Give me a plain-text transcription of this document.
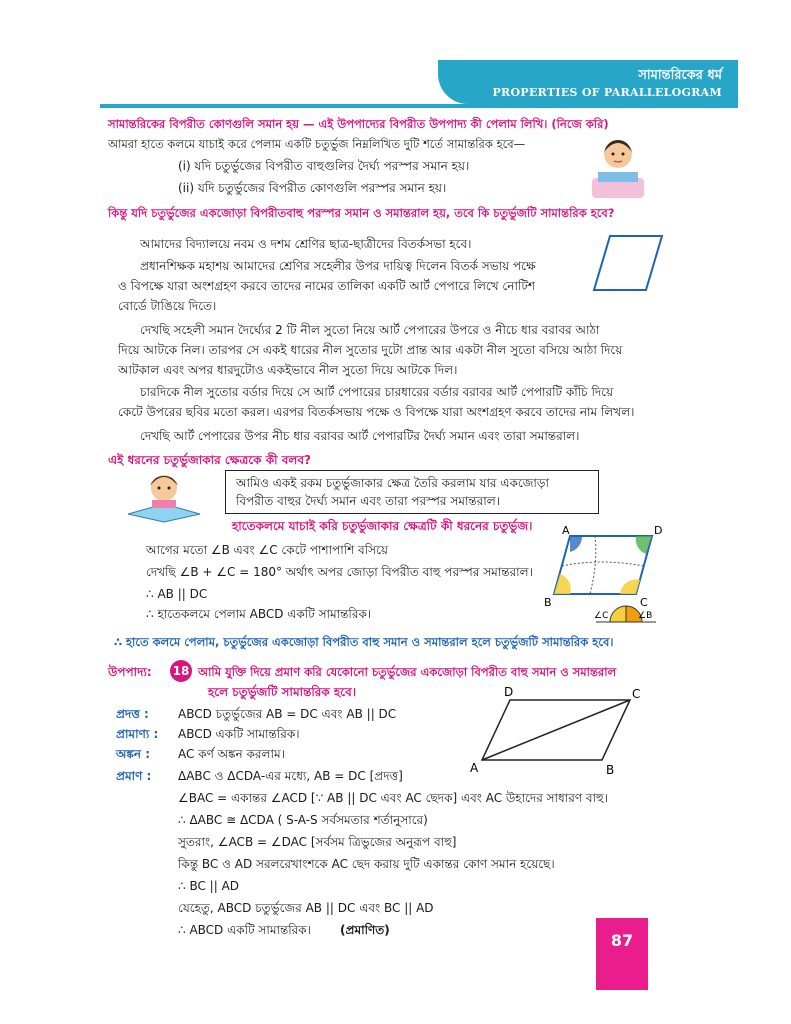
সামান্তরিকের ধর্ম
PROPERTIES OF PARALLELOGRAM
সামান্তরিকের বিপরীত কোণগুলি সমান হয় — এই উপপাদ্যের বিপরীত উপপাদ্য কী পেলাম লিখি। (নিজে করি)
আমরা হাতে কলমে যাচাই করে পেলাম একটি চতুর্ভুজ নিম্নলিখিত দুটি শর্তে সামান্তরিক হবে—
(i) যদি চতুর্ভুজের বিপরীত বাহুগুলির দৈর্ঘ্য পরস্পর সমান হয়।
(ii) যদি চতুর্ভুজের বিপরীত কোণগুলি পরস্পর সমান হয়।
কিন্তু যদি চতুর্ভুজের একজোড়া বিপরীতবাহু পরস্পর সমান ও সমান্তরাল হয়, তবে কি চতুর্ভুজটি সামান্তরিক হবে?
আমাদের বিদ্যালয়ে নবম ও দশম শ্রেণির ছাত্র-ছাত্রীদের বিতর্কসভা হবে।
প্রধানশিক্ষক মহাশয় আমাদের শ্রেণির সহেলীর উপর দায়িত্ব দিলেন বিতর্ক সভায় পক্ষে
ও বিপক্ষে যারা অংশগ্রহণ করবে তাদের নামের তালিকা একটি আর্ট পেপারে লিখে নোটিশ
বোর্ডে টাঙিয়ে দিতে।
দেখছি সহেলী সমান দৈর্ঘ্যের 2 টি নীল সুতো নিয়ে আর্ট পেপারের উপরে ও নীচে ধার বরাবর আঠা
দিয়ে আটকে নিল। তারপর সে একই ধারের নীল সুতোর দুটো প্রান্ত আর একটা নীল সুতো বসিয়ে আঠা দিয়ে
আটকাল এবং অপর ধারদুটোও একইভাবে নীল সুতো দিয়ে আটকে দিল।
চারদিকে নীল সুতোর বর্ডার দিয়ে সে আর্ট পেপারের চারধারের বর্ডার বরাবর আর্ট পেপারটি কাঁচি দিয়ে
কেটে উপরের ছবির মতো করল। এরপর বিতর্কসভায় পক্ষে ও বিপক্ষে যারা অংশগ্রহণ করবে তাদের নাম লিখল।
দেখছি আর্ট পেপারের উপর নীচ ধার বরাবর আর্ট পেপারটির দৈর্ঘ্য সমান এবং তারা সমান্তরাল।
এই ধরনের চতুর্ভুজাকার ক্ষেত্রকে কী বলব?
আমিও একই রকম চতুর্ভুজাকার ক্ষেত্র তৈরি করলাম যার একজোড়া
বিপরীত বাহুর দৈর্ঘ্য সমান এবং তারা পরস্পর সমান্তরাল।
হাতেকলমে যাচাই করি চতুর্ভুজাকার ক্ষেত্রটি কী ধরনের চতুর্ভুজ।
আগের মতো ∠B এবং ∠C কেটে পাশাপাশি বসিয়ে
দেখছি ∠B + ∠C = 180° অর্থাৎ অপর জোড়া বিপরীত বাহু পরস্পর সমান্তরাল।
∴ AB || DC
∴ হাতেকলমে পেলাম ABCD একটি সামান্তরিক।
A	D
B	C
∠C	∠B
∴ হাতে কলমে পেলাম, চতুর্ভুজের একজোড়া বিপরীত বাহু সমান ও সমান্তরাল হলে চতুর্ভুজটি সামান্তরিক হবে।
উপপাদ্য: 18 আমি যুক্তি দিয়ে প্রমাণ করি যেকোনো চতুর্ভুজের একজোড়া বিপরীত বাহু সমান ও সমান্তরাল
হলে চতুর্ভুজটি সামান্তরিক হবে।
প্রদত্ত : ABCD চতুর্ভুজের AB = DC এবং AB || DC
প্রামাণ্য : ABCD একটি সামান্তরিক।
অঙ্কন : AC কর্ণ অঙ্কন করলাম।
প্রমাণ : ΔABC ও ΔCDA-এর মধ্যে, AB = DC [প্রদত্ত]
∠BAC = একান্তর ∠ACD [∵ AB || DC এবং AC ছেদক] এবং AC উহাদের সাধারণ বাহু।
∴ ΔABC ≅ ΔCDA ( S-A-S সর্বসমতার শর্তানুসারে)
সুতরাং, ∠ACB = ∠DAC [সর্বসম ত্রিভুজের অনুরূপ বাহু]
কিন্তু BC ও AD সরলরেখাংশকে AC ছেদ করায় দুটি একান্তর কোণ সমান হয়েছে।
∴ BC || AD
যেহেতু, ABCD চতুর্ভুজের AB || DC এবং BC || AD
∴ ABCD একটি সামান্তরিক। (প্রমাণিত)
D	C
A	B
87
